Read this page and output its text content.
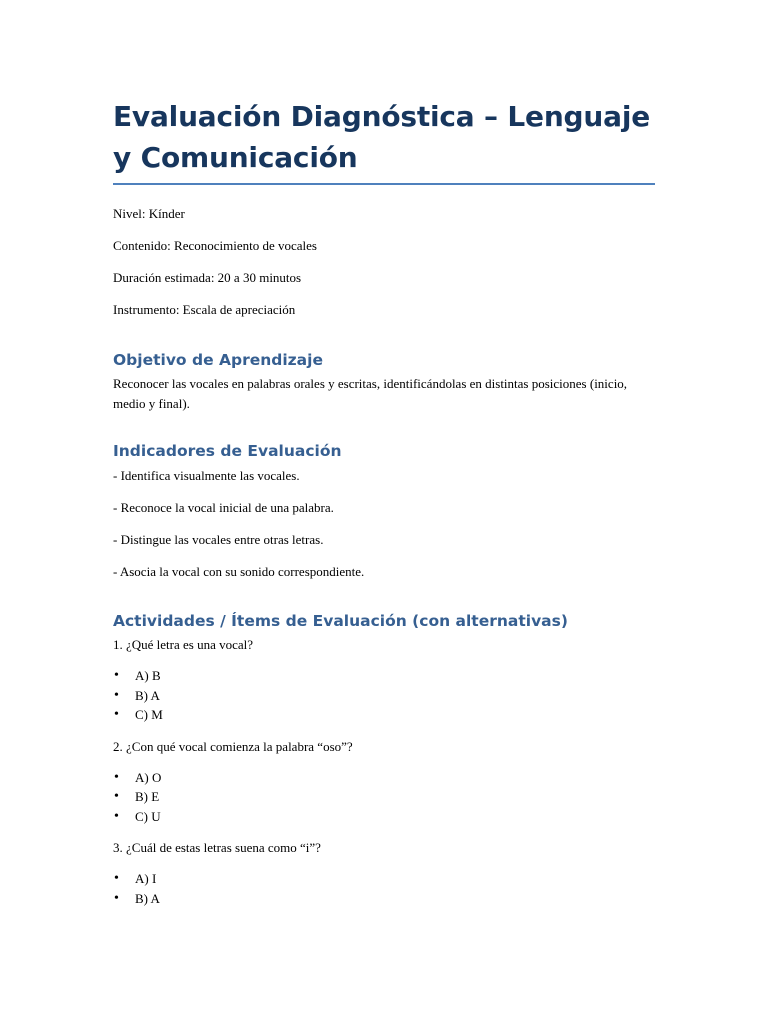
Evaluación Diagnóstica – Lenguaje y Comunicación

Nivel: Kínder

Contenido: Reconocimiento de vocales

Duración estimada: 20 a 30 minutos

Instrumento: Escala de apreciación

Objetivo de Aprendizaje

Reconocer las vocales en palabras orales y escritas, identificándolas en distintas posiciones (inicio, medio y final).

Indicadores de Evaluación

- Identifica visualmente las vocales.

- Reconoce la vocal inicial de una palabra.

- Distingue las vocales entre otras letras.

- Asocia la vocal con su sonido correspondiente.

Actividades / Ítems de Evaluación (con alternativas)

1. ¿Qué letra es una vocal?

• A) B
• B) A
• C) M

2. ¿Con qué vocal comienza la palabra “oso”?

• A) O
• B) E
• C) U

3. ¿Cuál de estas letras suena como “i”?

• A) I
• B) A
